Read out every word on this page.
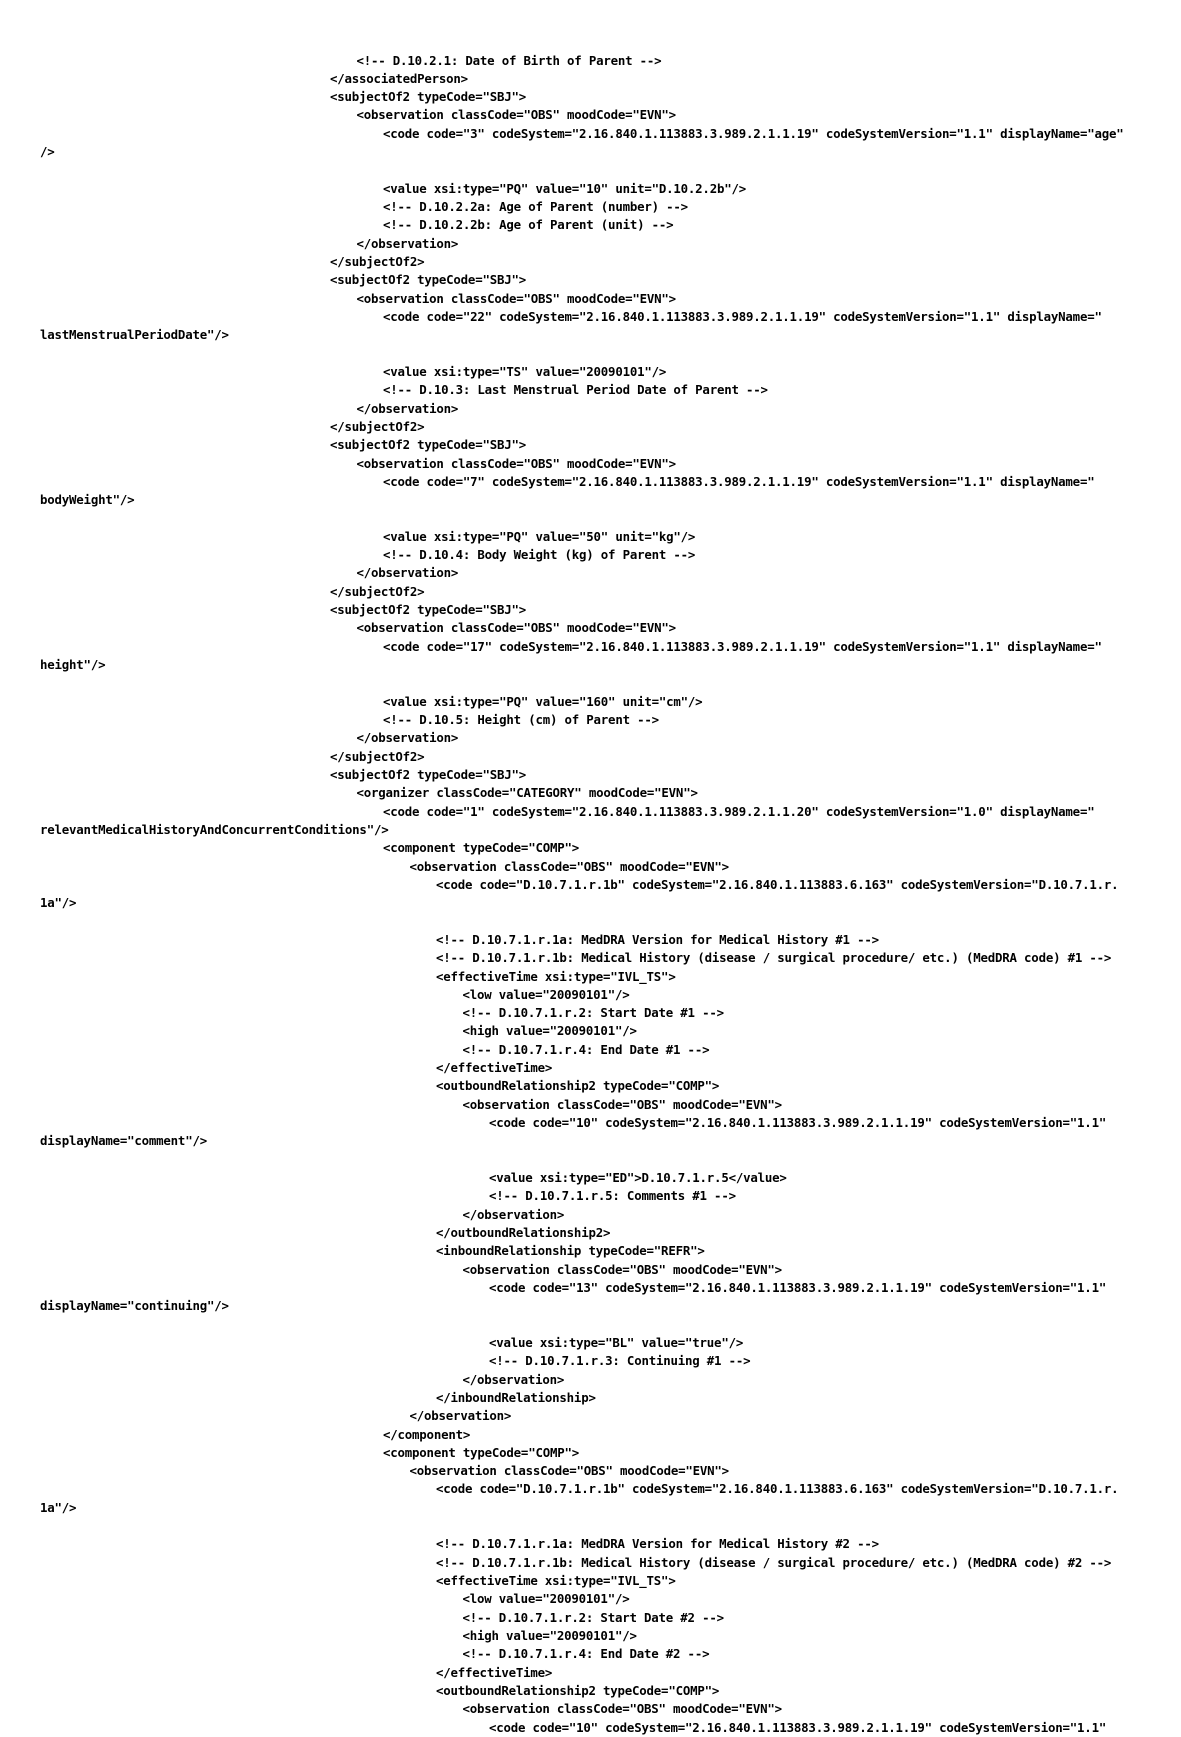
<!-- D.10.2.1: Date of Birth of Parent -->
</associatedPerson>
<subjectOf2 typeCode="SBJ">
<observation classCode="OBS" moodCode="EVN">
<code code="3" codeSystem="2.16.840.1.113883.3.989.2.1.1.19" codeSystemVersion="1.1" displayName="age"
/>
<value xsi:type="PQ" value="10" unit="D.10.2.2b"/>
<!-- D.10.2.2a: Age of Parent (number) -->
<!-- D.10.2.2b: Age of Parent (unit) -->
</observation>
</subjectOf2>
<subjectOf2 typeCode="SBJ">
<observation classCode="OBS" moodCode="EVN">
<code code="22" codeSystem="2.16.840.1.113883.3.989.2.1.1.19" codeSystemVersion="1.1" displayName="
lastMenstrualPeriodDate"/>
<value xsi:type="TS" value="20090101"/>
<!-- D.10.3: Last Menstrual Period Date of Parent -->
</observation>
</subjectOf2>
<subjectOf2 typeCode="SBJ">
<observation classCode="OBS" moodCode="EVN">
<code code="7" codeSystem="2.16.840.1.113883.3.989.2.1.1.19" codeSystemVersion="1.1" displayName="
bodyWeight"/>
<value xsi:type="PQ" value="50" unit="kg"/>
<!-- D.10.4: Body Weight (kg) of Parent -->
</observation>
</subjectOf2>
<subjectOf2 typeCode="SBJ">
<observation classCode="OBS" moodCode="EVN">
<code code="17" codeSystem="2.16.840.1.113883.3.989.2.1.1.19" codeSystemVersion="1.1" displayName="
height"/>
<value xsi:type="PQ" value="160" unit="cm"/>
<!-- D.10.5: Height (cm) of Parent -->
</observation>
</subjectOf2>
<subjectOf2 typeCode="SBJ">
<organizer classCode="CATEGORY" moodCode="EVN">
<code code="1" codeSystem="2.16.840.1.113883.3.989.2.1.1.20" codeSystemVersion="1.0" displayName="
relevantMedicalHistoryAndConcurrentConditions"/>
<component typeCode="COMP">
<observation classCode="OBS" moodCode="EVN">
<code code="D.10.7.1.r.1b" codeSystem="2.16.840.1.113883.6.163" codeSystemVersion="D.10.7.1.r.
1a"/>
<!-- D.10.7.1.r.1a: MedDRA Version for Medical History #1 -->
<!-- D.10.7.1.r.1b: Medical History (disease / surgical procedure/ etc.) (MedDRA code) #1 -->
<effectiveTime xsi:type="IVL_TS">
<low value="20090101"/>
<!-- D.10.7.1.r.2: Start Date #1 -->
<high value="20090101"/>
<!-- D.10.7.1.r.4: End Date #1 -->
</effectiveTime>
<outboundRelationship2 typeCode="COMP">
<observation classCode="OBS" moodCode="EVN">
<code code="10" codeSystem="2.16.840.1.113883.3.989.2.1.1.19" codeSystemVersion="1.1"
displayName="comment"/>
<value xsi:type="ED">D.10.7.1.r.5</value>
<!-- D.10.7.1.r.5: Comments #1 -->
</observation>
</outboundRelationship2>
<inboundRelationship typeCode="REFR">
<observation classCode="OBS" moodCode="EVN">
<code code="13" codeSystem="2.16.840.1.113883.3.989.2.1.1.19" codeSystemVersion="1.1"
displayName="continuing"/>
<value xsi:type="BL" value="true"/>
<!-- D.10.7.1.r.3: Continuing #1 -->
</observation>
</inboundRelationship>
</observation>
</component>
<component typeCode="COMP">
<observation classCode="OBS" moodCode="EVN">
<code code="D.10.7.1.r.1b" codeSystem="2.16.840.1.113883.6.163" codeSystemVersion="D.10.7.1.r.
1a"/>
<!-- D.10.7.1.r.1a: MedDRA Version for Medical History #2 -->
<!-- D.10.7.1.r.1b: Medical History (disease / surgical procedure/ etc.) (MedDRA code) #2 -->
<effectiveTime xsi:type="IVL_TS">
<low value="20090101"/>
<!-- D.10.7.1.r.2: Start Date #2 -->
<high value="20090101"/>
<!-- D.10.7.1.r.4: End Date #2 -->
</effectiveTime>
<outboundRelationship2 typeCode="COMP">
<observation classCode="OBS" moodCode="EVN">
<code code="10" codeSystem="2.16.840.1.113883.3.989.2.1.1.19" codeSystemVersion="1.1"
